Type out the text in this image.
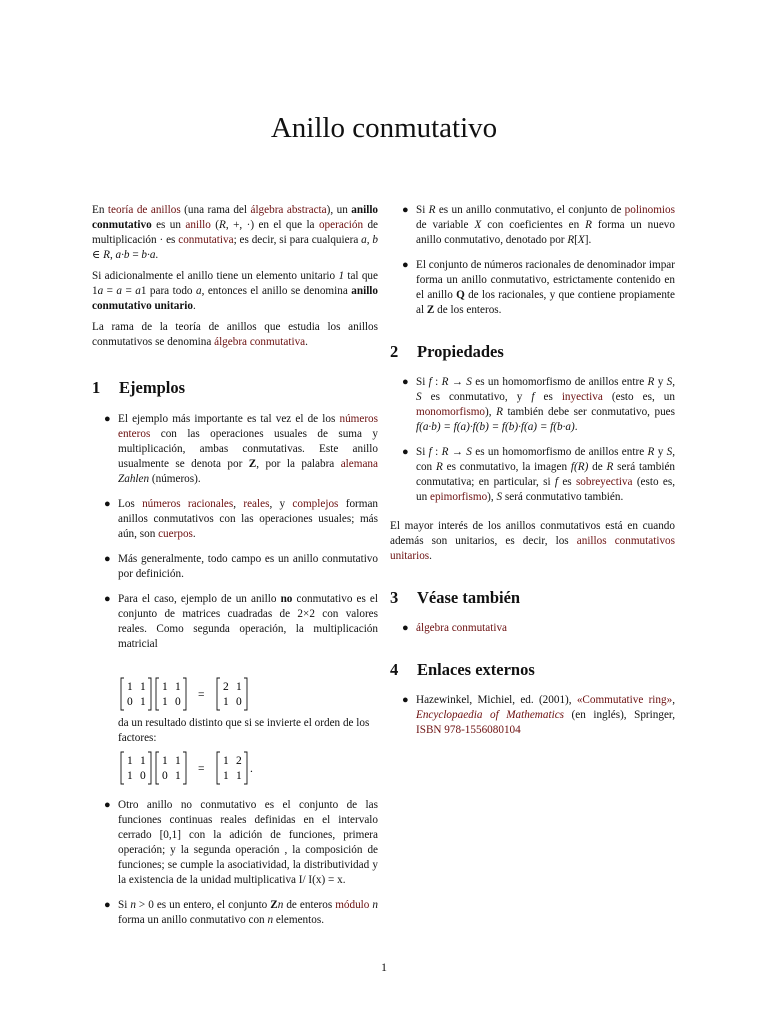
Anillo conmutativo

En teoría de anillos (una rama del álgebra abstracta), un anillo conmutativo es un anillo (R, +, ·) en el que la operación de multiplicación · es conmutativa; es decir, si para cualquiera a, b ∈ R, a·b = b·a.

Si adicionalmente el anillo tiene un elemento unitario 1 tal que 1a = a = a1 para todo a, entonces el anillo se denomina anillo conmutativo unitario.

La rama de la teoría de anillos que estudia los anillos conmutativos se denomina álgebra conmutativa.

1	Ejemplos
● El ejemplo más importante es tal vez el de los números enteros con las operaciones usuales de suma y multiplicación, ambas conmutativas. Este anillo usualmente se denota por Z, por la palabra alemana Zahlen (números).
● Los números racionales, reales, y complejos forman anillos conmutativos con las operaciones usuales; más aún, son cuerpos.
● Más generalmente, todo campo es un anillo conmutativo por definición.
● Para el caso, ejemplo de un anillo no conmutativo es el conjunto de matrices cuadradas de 2×2 con valores reales. Como segunda operación, la multiplicación matricial
1 1
0 1
1 1
1 0
=
2 1
1 0

da un resultado distinto que si se invierte el orden de los factores:

1 1
1 0
1 1
0 1
=
1 2
1 1
.
● Otro anillo no conmutativo es el conjunto de las funciones continuas reales definidas en el intervalo cerrado [0,1] con la adición de funciones, primera operación; y la segunda operación , la composición de funciones; se cumple la asociatividad, la distributividad y la existencia de la unidad multiplicativa I/ I(x) = x.
● Si n > 0 es un entero, el conjunto Zn de enteros módulo n forma un anillo conmutativo con n elementos.
● Si R es un anillo conmutativo, el conjunto de polinomios de variable X con coeficientes en R forma un nuevo anillo conmutativo, denotado por R[X].
● El conjunto de números racionales de denominador impar forma un anillo conmutativo, estrictamente contenido en el anillo Q de los racionales, y que contiene propiamente al Z de los enteros.
2	Propiedades
● Si f : R → S es un homomorfismo de anillos entre R y S, S es conmutativo, y f es inyectiva (esto es, un monomorfismo), R también debe ser conmutativo, pues f(a·b) = f(a)·f(b) = f(b)·f(a) = f(b·a).
● Si f : R → S es un homomorfismo de anillos entre R y S, con R es conmutativo, la imagen f(R) de R será también conmutativa; en particular, si f es sobreyectiva (esto es, un epimorfismo), S será conmutativo también.

El mayor interés de los anillos conmutativos está en cuando además son unitarios, es decir, los anillos conmutativos unitarios.

3	Véase también
● álgebra conmutativa
4	Enlaces externos
● Hazewinkel, Michiel, ed. (2001), «Commutative ring», Encyclopaedia of Mathematics (en inglés), Springer, ISBN 978-1556080104
1
